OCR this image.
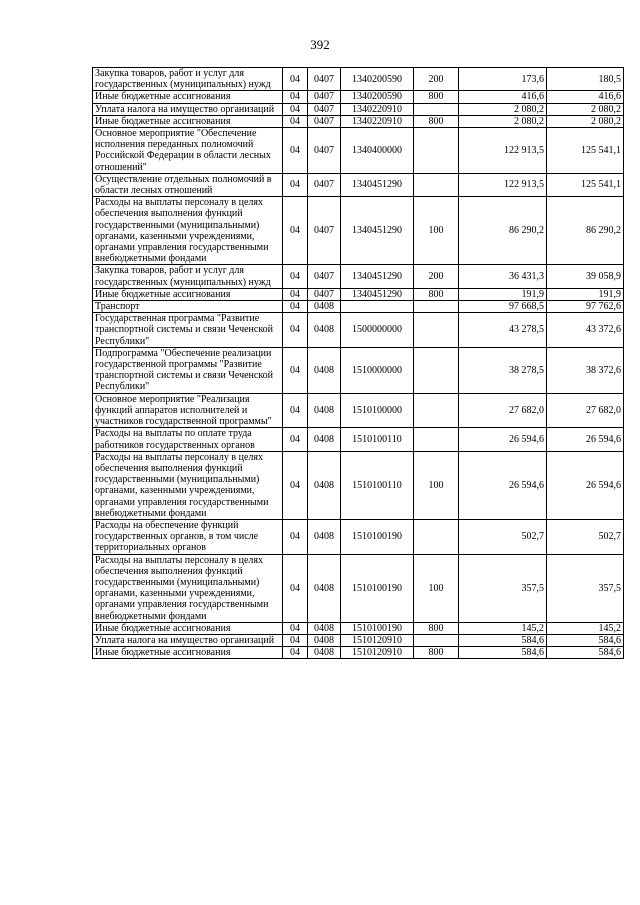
392
Закупка товаров, работ и услуг для государственных (муниципальных) нужд	04	0407	1340200590	200	173,6	180,5
Иные бюджетные ассигнования	04	0407	1340200590	800	416,6	416,6
Уплата налога на имущество организаций	04	0407	1340220910		2 080,2	2 080,2
Иные бюджетные ассигнования	04	0407	1340220910	800	2 080,2	2 080,2
Основное мероприятие "Обеспечение исполнения переданных полномочий Российской Федерации в области лесных отношений"	04	0407	1340400000		122 913,5	125 541,1
Осуществление отдельных полномочий в области лесных отношений	04	0407	1340451290		122 913,5	125 541,1
Расходы на выплаты персоналу в целях обеспечения выполнения функций государственными (муниципальными) органами, казенными учреждениями, органами управления государственными внебюджетными фондами	04	0407	1340451290	100	86 290,2	86 290,2
Закупка товаров, работ и услуг для государственных (муниципальных) нужд	04	0407	1340451290	200	36 431,3	39 058,9
Иные бюджетные ассигнования	04	0407	1340451290	800	191,9	191,9
Транспорт	04	0408			97 668,5	97 762,6
Государственная программа "Развитие транспортной системы и связи Чеченской Республики"	04	0408	1500000000		43 278,5	43 372,6
Подпрограмма "Обеспечение реализации государственной программы "Развитие транспортной системы и связи Чеченской Республики"	04	0408	1510000000		38 278,5	38 372,6
Основное мероприятие "Реализация функций аппаратов исполнителей и участников государственной программы"	04	0408	1510100000		27 682,0	27 682,0
Расходы на выплаты по оплате труда работников государственных органов	04	0408	1510100110		26 594,6	26 594,6
Расходы на выплаты персоналу в целях обеспечения выполнения функций государственными (муниципальными) органами, казенными учреждениями, органами управления государственными внебюджетными фондами	04	0408	1510100110	100	26 594,6	26 594,6
Расходы на обеспечение функций государственных органов, в том числе территориальных органов	04	0408	1510100190		502,7	502,7
Расходы на выплаты персоналу в целях обеспечения выполнения функций государственными (муниципальными) органами, казенными учреждениями, органами управления государственными внебюджетными фондами	04	0408	1510100190	100	357,5	357,5
Иные бюджетные ассигнования	04	0408	1510100190	800	145,2	145,2
Уплата налога на имущество организаций	04	0408	1510120910		584,6	584,6
Иные бюджетные ассигнования	04	0408	1510120910	800	584,6	584,6
